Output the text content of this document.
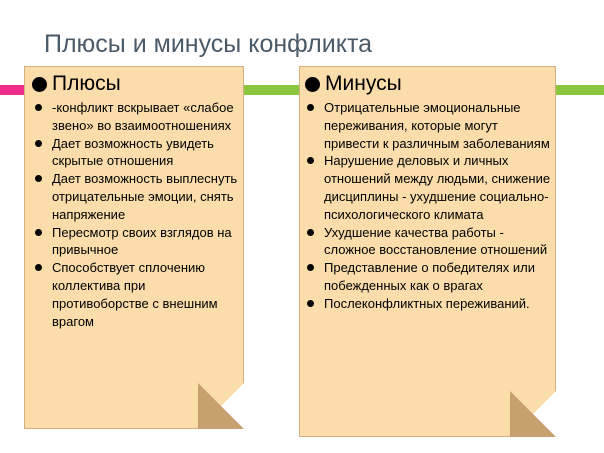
Плюсы и минусы конфликта
Плюсы
-конфликт вскрывает «слабое звено» во взаимоотношениях
Дает возможность увидеть скрытые отношения
Дает возможность выплеснуть отрицательные эмоции, снять напряжение
Пересмотр своих взглядов на привычное
Способствует сплочению коллектива при противоборстве с внешним врагом
Минусы
Отрицательные эмоциональные переживания, которые могут привести к различным заболеваниям
Нарушение деловых и личных отношений между людьми, снижение дисциплины - ухудшение социально-психологического климата
Ухудшение качества работы - сложное восстановление отношений
Представление о победителях или побежденных как о врагах
Послеконфликтных переживаний.
